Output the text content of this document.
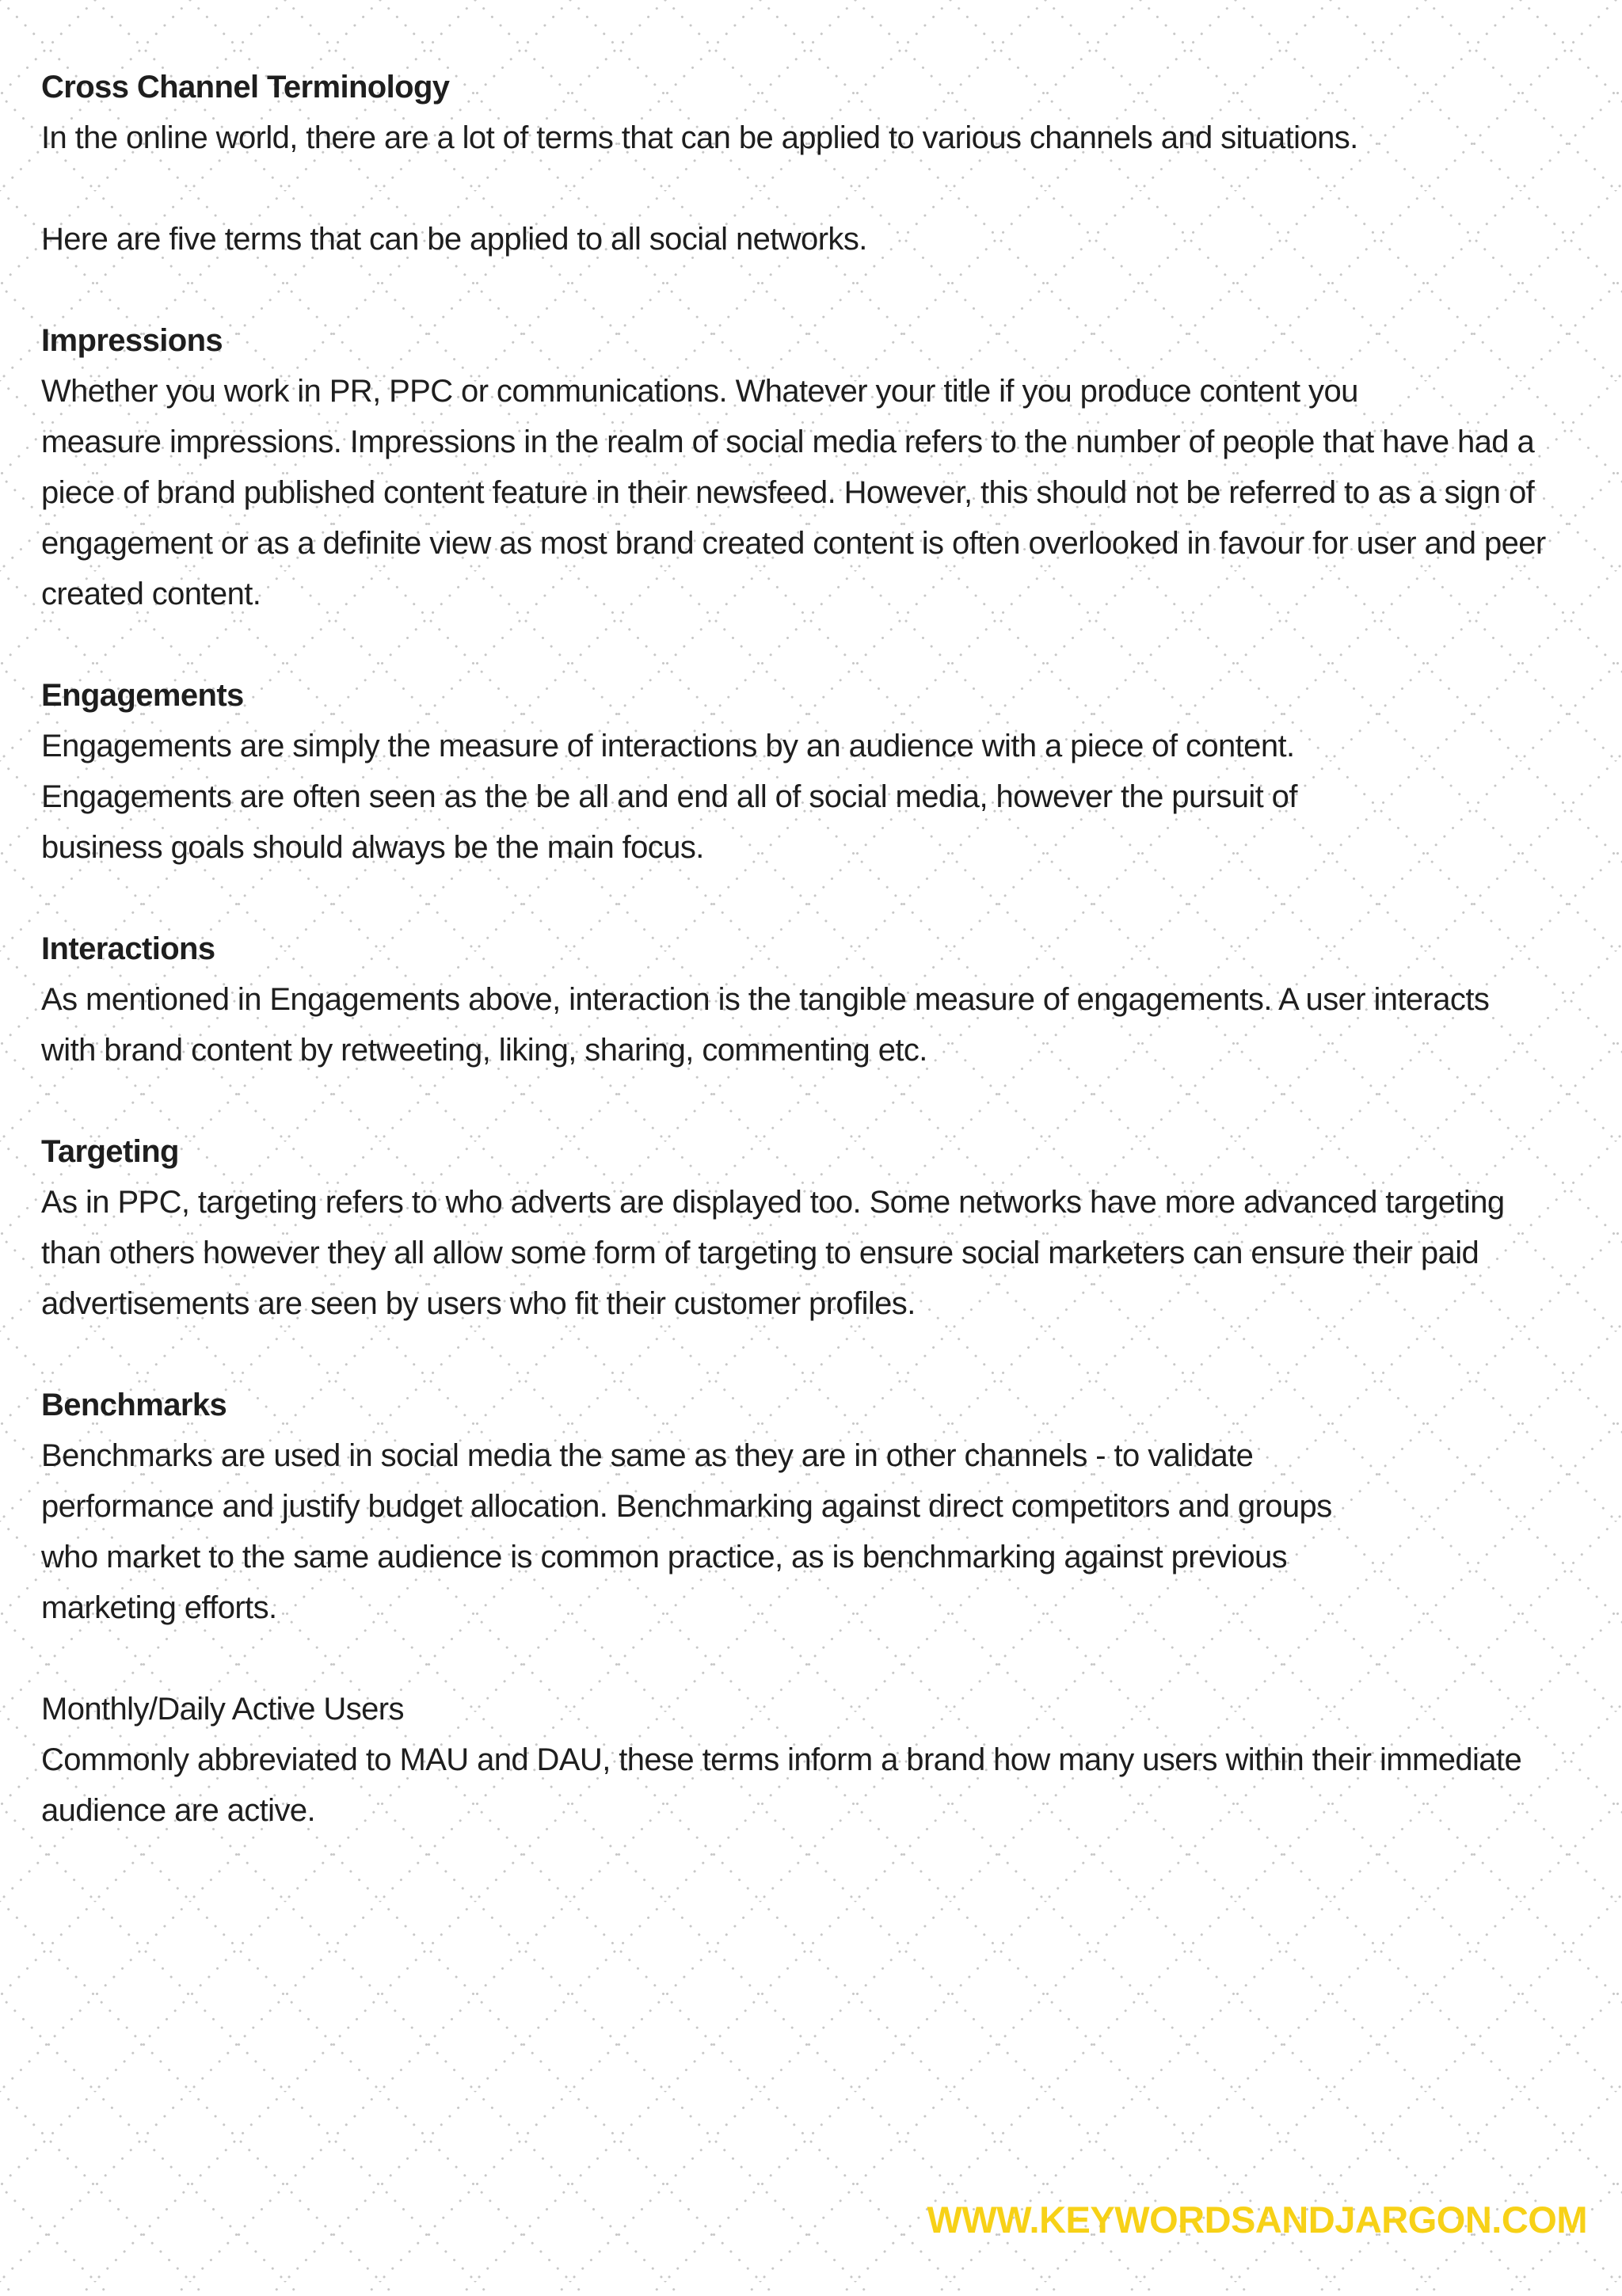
Cross Channel Terminology

In the online world, there are a lot of terms that can be applied to various channels and situations.

Here are five terms that can be applied to all social networks.

Impressions

Whether you work in PR, PPC or communications. Whatever your title if you produce content you

measure impressions. Impressions in the realm of social media refers to the number of people that have had a

piece of brand published content feature in their newsfeed. However, this should not be referred to as a sign of

engagement or as a definite view as most brand created content is often overlooked in favour for user and peer

created content.

Engagements

Engagements are simply the measure of interactions by an audience with a piece of content.

Engagements are often seen as the be all and end all of social media, however the pursuit of

business goals should always be the main focus.

Interactions

As mentioned in Engagements above, interaction is the tangible measure of engagements. A user interacts

with brand content by retweeting, liking, sharing, commenting etc.

Targeting

As in PPC, targeting refers to who adverts are displayed too. Some networks have more advanced targeting

than others however they all allow some form of targeting to ensure social marketers can ensure their paid

advertisements are seen by users who fit their customer profiles.

Benchmarks

Benchmarks are used in social media the same as they are in other channels - to validate

performance and justify budget allocation. Benchmarking against direct competitors and groups

who market to the same audience is common practice, as is benchmarking against previous

marketing efforts.

Monthly/Daily Active Users

Commonly abbreviated to MAU and DAU, these terms inform a brand how many users within their immediate

audience are active.

WWW.KEYWORDSANDJARGON.COM
